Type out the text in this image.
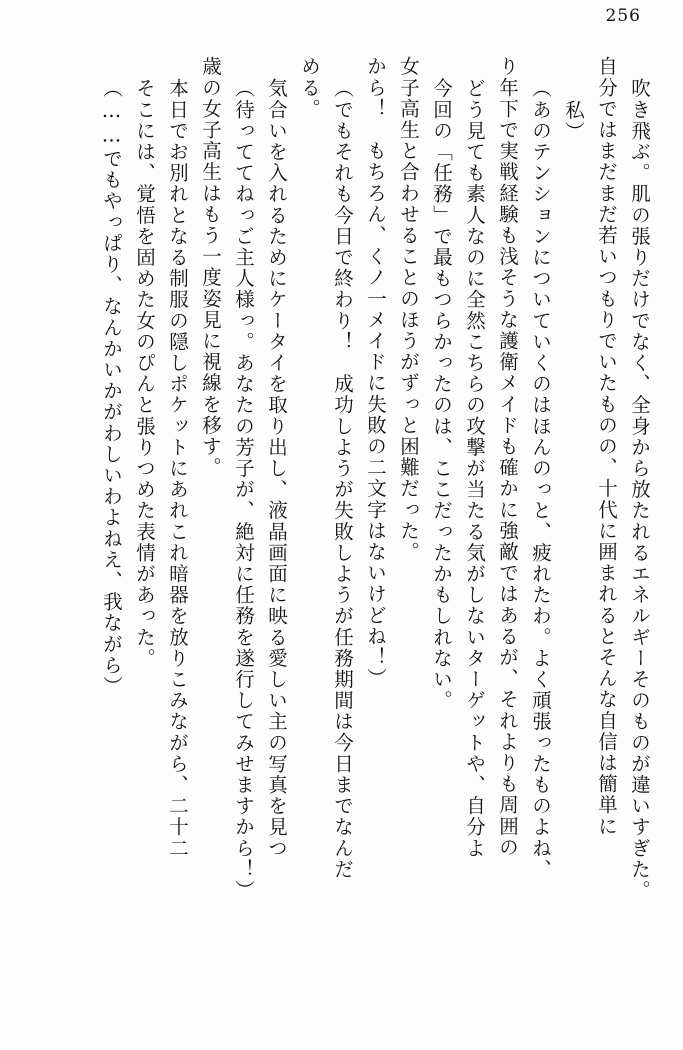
256
吹き飛ぶ。肌の張りだけでなく、全身から放たれるエネルギーそのものが違いすぎた。
自分ではまだまだ若いつもりでいたものの、十代に囲まれるとそんな自信は簡単に
私）
（あのテンションについていくのはほんのっと、疲れたわ。よく頑張ったものよね、
り年下で実戦経験も浅そうな護衛メイドも確かに強敵ではあるが、それよりも周囲の
どう見ても素人なのに全然こちらの攻撃が当たる気がしないターゲットや、自分よ
今回の「任務」で最もつらかったのは、ここだったかもしれない。
女子高生と合わせることのほうがずっと困難だった。
から！　もちろん、くノ一メイドに失敗の二文字はないけどね！）
（でもそれも今日で終わり！　成功しようが失敗しようが任務期間は今日までなんだ
める。
気合いを入れるためにケータイを取り出し、液晶画面に映る愛しい主の写真を見つ
（待っててねっご主人様っ。あなたの芳子が、絶対に任務を遂行してみせますから！）
歳の女子高生はもう一度姿見に視線を移す。
本日でお別れとなる制服の隠しポケットにあれこれ暗器を放りこみながら、二十二
そこには、覚悟を固めた女のぴんと張りつめた表情があった。
（……でもやっぱり、なんかいかがわしいわよねえ、我ながら）
